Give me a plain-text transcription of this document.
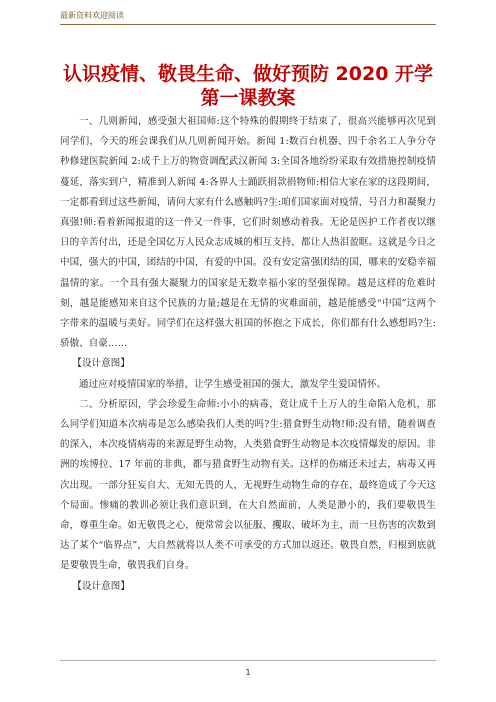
最新资料欢迎阅读
认识疫情、敬畏生命、做好预防 2020 开学
第一课教案

一、几则新闻，感受强大祖国师:这个特殊的假期终于结束了，很高兴能够再次见到同学们，今天的班会课我们从几则新闻开始。新闻 1:数百台机器、四千余名工人争分夺秒修建医院新闻 2:成千上万的物资调配武汉新闻 3:全国各地纷纷采取有效措施控制疫情蔓延，落实到户，精准到人新闻 4:各界人士踊跃捐款捐物师:相信大家在家的这段期间，一定都看到过这些新闻，请问大家有什么感触吗?生:咱们国家面对疫情，号召力和凝聚力真强!师:看着新闻报道的这一件又一件事，它们时刻感动着我。无论是医护工作者夜以继日的辛苦付出，还是全国亿万人民众志成城的相互支持，都让人热泪盈眶。这就是今日之中国，强大的中国，团结的中国，有爱的中国。没有安定富强团结的国，哪来的安稳幸福温情的家。一个具有强大凝聚力的国家是无数幸福小家的坚强保障。越是这样的危难时刻，越是能感知来自这个民族的力量;越是在无情的灾难面前，越是能感受“中国”这两个字带来的温暖与美好。同学们在这样强大祖国的怀抱之下成长，你们都有什么感想吗?生:骄傲、自豪……

【设计意图】

通过应对疫情国家的举措，让学生感受祖国的强大，激发学生爱国情怀。

二、分析原因，学会珍爱生命师:小小的病毒，竟让成千上万人的生命陷入危机，那么同学们知道本次病毒是怎么感染我们人类的吗?生:猎食野生动物!师:没有错，随着调查的深入，本次疫情病毒的来源是野生动物，人类猎食野生动物是本次疫情爆发的原因。非洲的埃博拉、17 年前的非典，都与猎食野生动物有关。这样的伤痛还未过去，病毒又再次出现。一部分狂妄自大、无知无畏的人，无视野生动物生命的存在，最终造成了今天这个局面。惨痛的教训必须让我们意识到，在大自然面前，人类是渺小的，我们要敬畏生命，尊重生命。如无敬畏之心，便常常会以征服、攫取、破坏为主，而一旦伤害的次数到达了某个“临界点”，大自然就将以人类不可承受的方式加以返还。敬畏自然，归根到底就是要敬畏生命，敬畏我们自身。

【设计意图】

1
